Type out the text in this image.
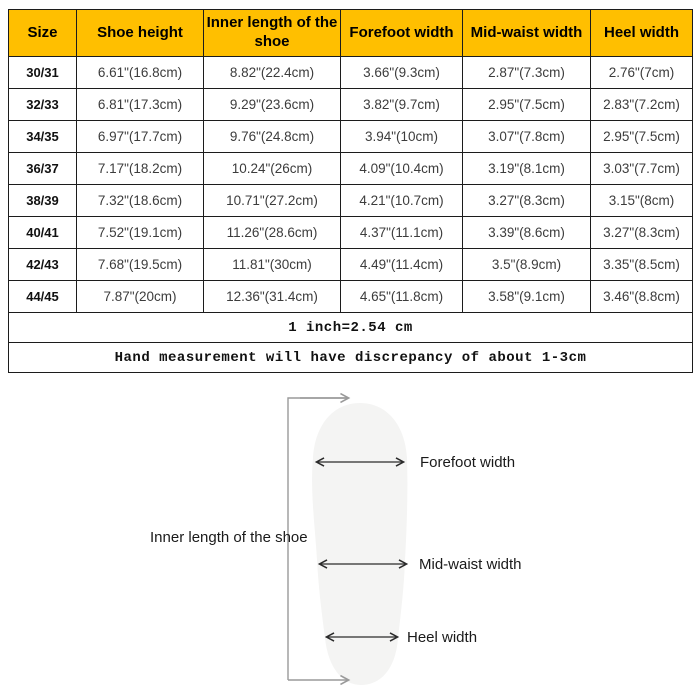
Size	Shoe height	Inner length of the shoe	Forefoot width	Mid-waist width	Heel width
30/31	6.61"(16.8cm)	8.82"(22.4cm)	3.66"(9.3cm)	2.87"(7.3cm)	2.76"(7cm)
32/33	6.81"(17.3cm)	9.29"(23.6cm)	3.82"(9.7cm)	2.95"(7.5cm)	2.83"(7.2cm)
34/35	6.97"(17.7cm)	9.76"(24.8cm)	3.94"(10cm)	3.07"(7.8cm)	2.95"(7.5cm)
36/37	7.17"(18.2cm)	10.24"(26cm)	4.09"(10.4cm)	3.19"(8.1cm)	3.03"(7.7cm)
38/39	7.32"(18.6cm)	10.71"(27.2cm)	4.21"(10.7cm)	3.27"(8.3cm)	3.15"(8cm)
40/41	7.52"(19.1cm)	11.26"(28.6cm)	4.37"(11.1cm)	3.39"(8.6cm)	3.27"(8.3cm)
42/43	7.68"(19.5cm)	11.81"(30cm)	4.49"(11.4cm)	3.5"(8.9cm)	3.35"(8.5cm)
44/45	7.87"(20cm)	12.36"(31.4cm)	4.65"(11.8cm)	3.58"(9.1cm)	3.46"(8.8cm)
1 inch=2.54 cm					
Hand measurement will have discrepancy of about 1-3cm					
Inner length of the shoe
Forefoot width
Mid-waist width
Heel width
